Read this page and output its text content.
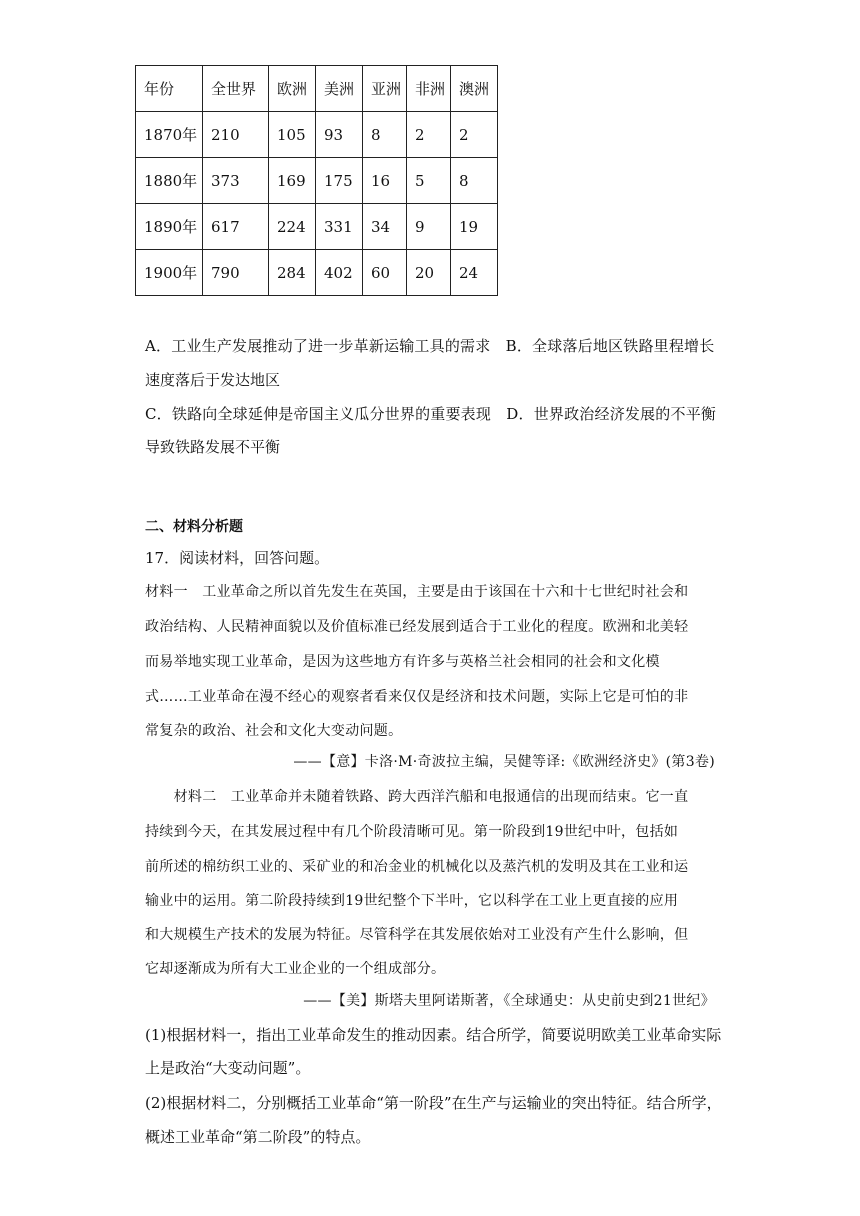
年份	全世界	欧洲	美洲	亚洲	非洲	澳洲
1870年	210	105	93	8	2	2
1880年	373	169	175	16	5	8
1890年	617	224	331	34	9	19
1900年	790	284	402	60	20	24
A．工业生产发展推动了进一步革新运输工具的需求　B．全球落后地区铁路里程增长
速度落后于发达地区
C．铁路向全球延伸是帝国主义瓜分世界的重要表现　D．世界政治经济发展的不平衡
导致铁路发展不平衡
二、材料分析题
17．阅读材料，回答问题。
材料一　工业革命之所以首先发生在英国，主要是由于该国在十六和十七世纪时社会和
政治结构、人民精神面貌以及价值标准已经发展到适合于工业化的程度。欧洲和北美轻
而易举地实现工业革命，是因为这些地方有许多与英格兰社会相同的社会和文化模
式……工业革命在漫不经心的观察者看来仅仅是经济和技术问题，实际上它是可怕的非
常复杂的政治、社会和文化大变动问题。
——【意】卡洛·M·奇波拉主编，吴健等译:《欧洲经济史》(第3卷)
　　材料二　工业革命并未随着铁路、跨大西洋汽船和电报通信的出现而结束。它一直
持续到今天，在其发展过程中有几个阶段清晰可见。第一阶段到19世纪中叶，包括如
前所述的棉纺织工业的、采矿业的和冶金业的机械化以及蒸汽机的发明及其在工业和运
输业中的运用。第二阶段持续到19世纪整个下半叶，它以科学在工业上更直接的应用
和大规模生产技术的发展为特征。尽管科学在其发展依始对工业没有产生什么影响，但
它却逐渐成为所有大工业企业的一个组成部分。
——【美】斯塔夫里阿诺斯著，《全球通史：从史前史到21世纪》
(1)根据材料一，指出工业革命发生的推动因素。结合所学，简要说明欧美工业革命实际
上是政治“大变动问题”。
(2)根据材料二，分别概括工业革命“第一阶段”在生产与运输业的突出特征。结合所学，
概述工业革命“第二阶段”的特点。
